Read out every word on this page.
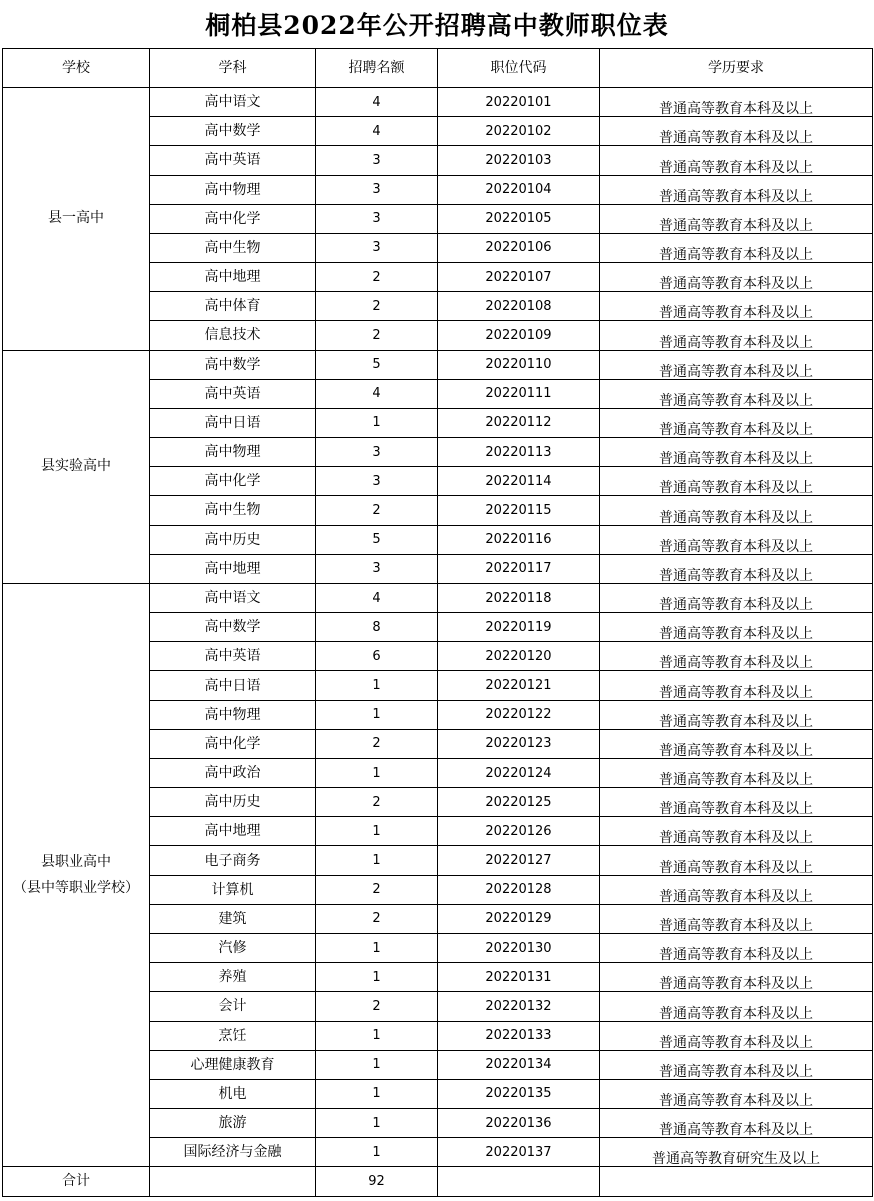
桐柏县2022年公开招聘高中教师职位表
学校	学科	招聘名额	职位代码	学历要求

县一高中	高中语文	4	20220101	普通高等教育本科及以上
	高中数学	4	20220102	普通高等教育本科及以上
	高中英语	3	20220103	普通高等教育本科及以上
	高中物理	3	20220104	普通高等教育本科及以上
	高中化学	3	20220105	普通高等教育本科及以上
	高中生物	3	20220106	普通高等教育本科及以上
	高中地理	2	20220107	普通高等教育本科及以上
	高中体育	2	20220108	普通高等教育本科及以上
	信息技术	2	20220109	普通高等教育本科及以上

县实验高中	高中数学	5	20220110	普通高等教育本科及以上
	高中英语	4	20220111	普通高等教育本科及以上
	高中日语	1	20220112	普通高等教育本科及以上
	高中物理	3	20220113	普通高等教育本科及以上
	高中化学	3	20220114	普通高等教育本科及以上
	高中生物	2	20220115	普通高等教育本科及以上
	高中历史	5	20220116	普通高等教育本科及以上
	高中地理	3	20220117	普通高等教育本科及以上

县职业高中
（县中等职业学校）	高中语文	4	20220118	普通高等教育本科及以上
	高中数学	8	20220119	普通高等教育本科及以上
	高中英语	6	20220120	普通高等教育本科及以上
	高中日语	1	20220121	普通高等教育本科及以上
	高中物理	1	20220122	普通高等教育本科及以上
	高中化学	2	20220123	普通高等教育本科及以上
	高中政治	1	20220124	普通高等教育本科及以上
	高中历史	2	20220125	普通高等教育本科及以上
	高中地理	1	20220126	普通高等教育本科及以上
	电子商务	1	20220127	普通高等教育本科及以上
	计算机	2	20220128	普通高等教育本科及以上
	建筑	2	20220129	普通高等教育本科及以上
	汽修	1	20220130	普通高等教育本科及以上
	养殖	1	20220131	普通高等教育本科及以上
	会计	2	20220132	普通高等教育本科及以上
	烹饪	1	20220133	普通高等教育本科及以上
	心理健康教育	1	20220134	普通高等教育本科及以上
	机电	1	20220135	普通高等教育本科及以上
	旅游	1	20220136	普通高等教育本科及以上
	国际经济与金融	1	20220137	普通高等教育研究生及以上
合计		92		
